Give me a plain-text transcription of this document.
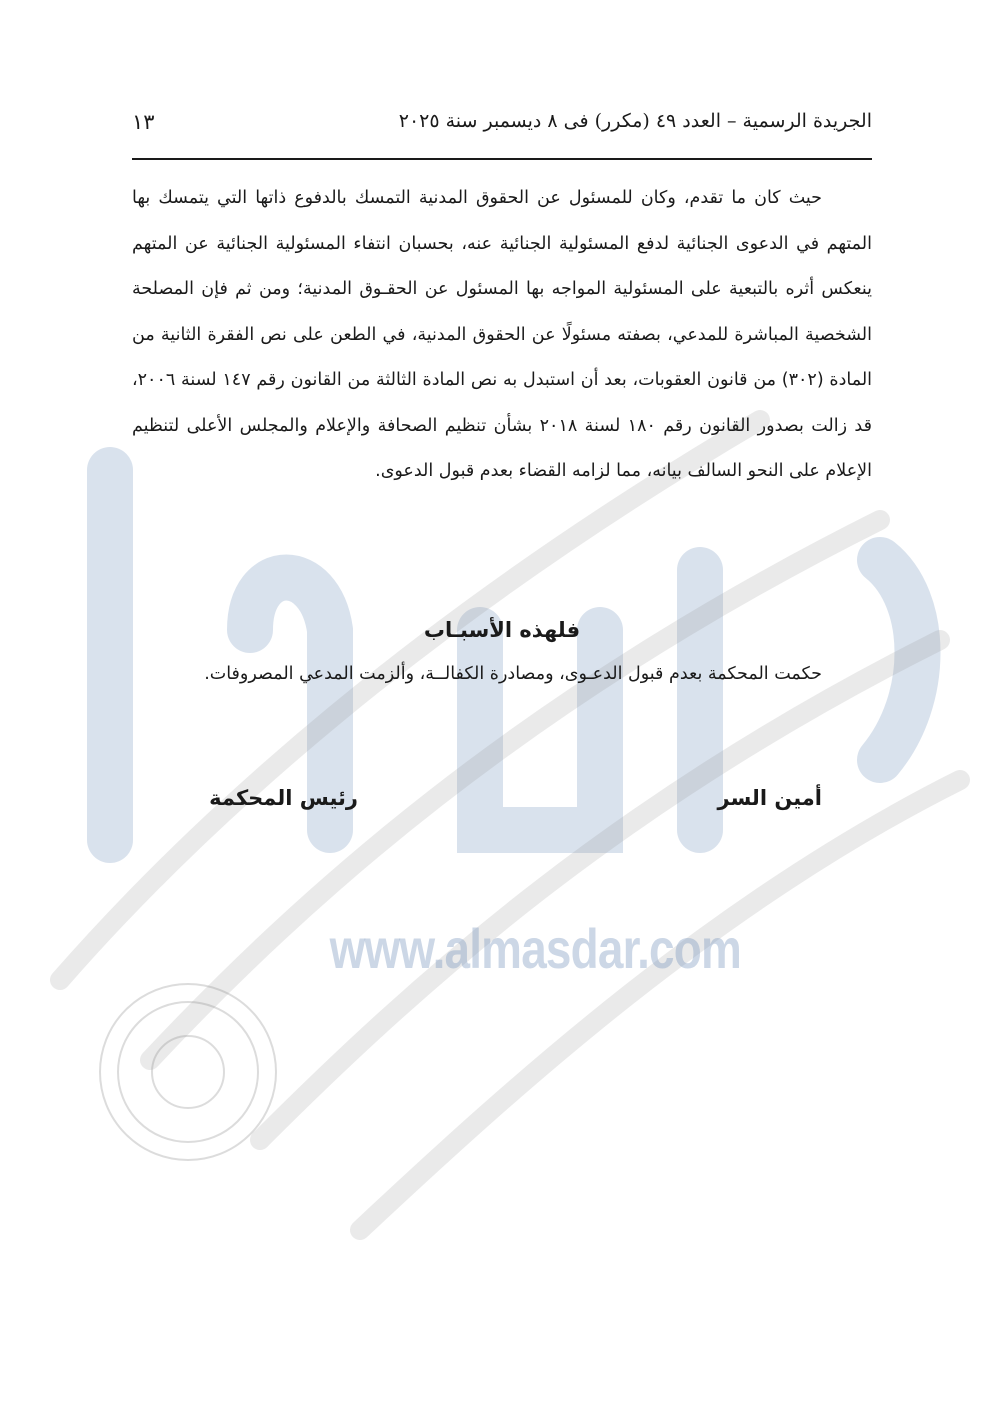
www.almasdar.com
الجريدة الرسمية – العدد ٤٩ (مكرر) فى ٨ ديسمبر سنة ٢٠٢٥
١٣

حيث كان ما تقدم، وكان للمسئول عن الحقوق المدنية التمسك بالدفوع ذاتها التي يتمسك بها المتهم في الدعوى الجنائية لدفع المسئولية الجنائية عنه، بحسبان انتفاء المسئولية الجنائية عن المتهم ينعكس أثره بالتبعية على المسئولية المواجه بها المسئول عن الحقـوق المدنية؛ ومن ثم فإن المصلحة الشخصية المباشرة للمدعي، بصفته مسئولًا عن الحقوق المدنية، في الطعن على نص الفقرة الثانية من المادة (٣٠٢) من قانون العقوبات، بعد أن استبدل به نص المادة الثالثة من القانون رقم ١٤٧ لسنة ٢٠٠٦، قد زالت بصدور القانون رقم ١٨٠ لسنة ٢٠١٨ بشأن تنظيم الصحافة والإعلام والمجلس الأعلى لتنظيم الإعلام على النحو السالف بيانه، مما لزامه القضاء بعدم قبول الدعوى.

فلهذه الأسبـاب

حكمت المحكمة بعدم قبول الدعـوى، ومصادرة الكفالــة، وألزمت المدعي المصروفات.

أمين السر
رئيس المحكمة
